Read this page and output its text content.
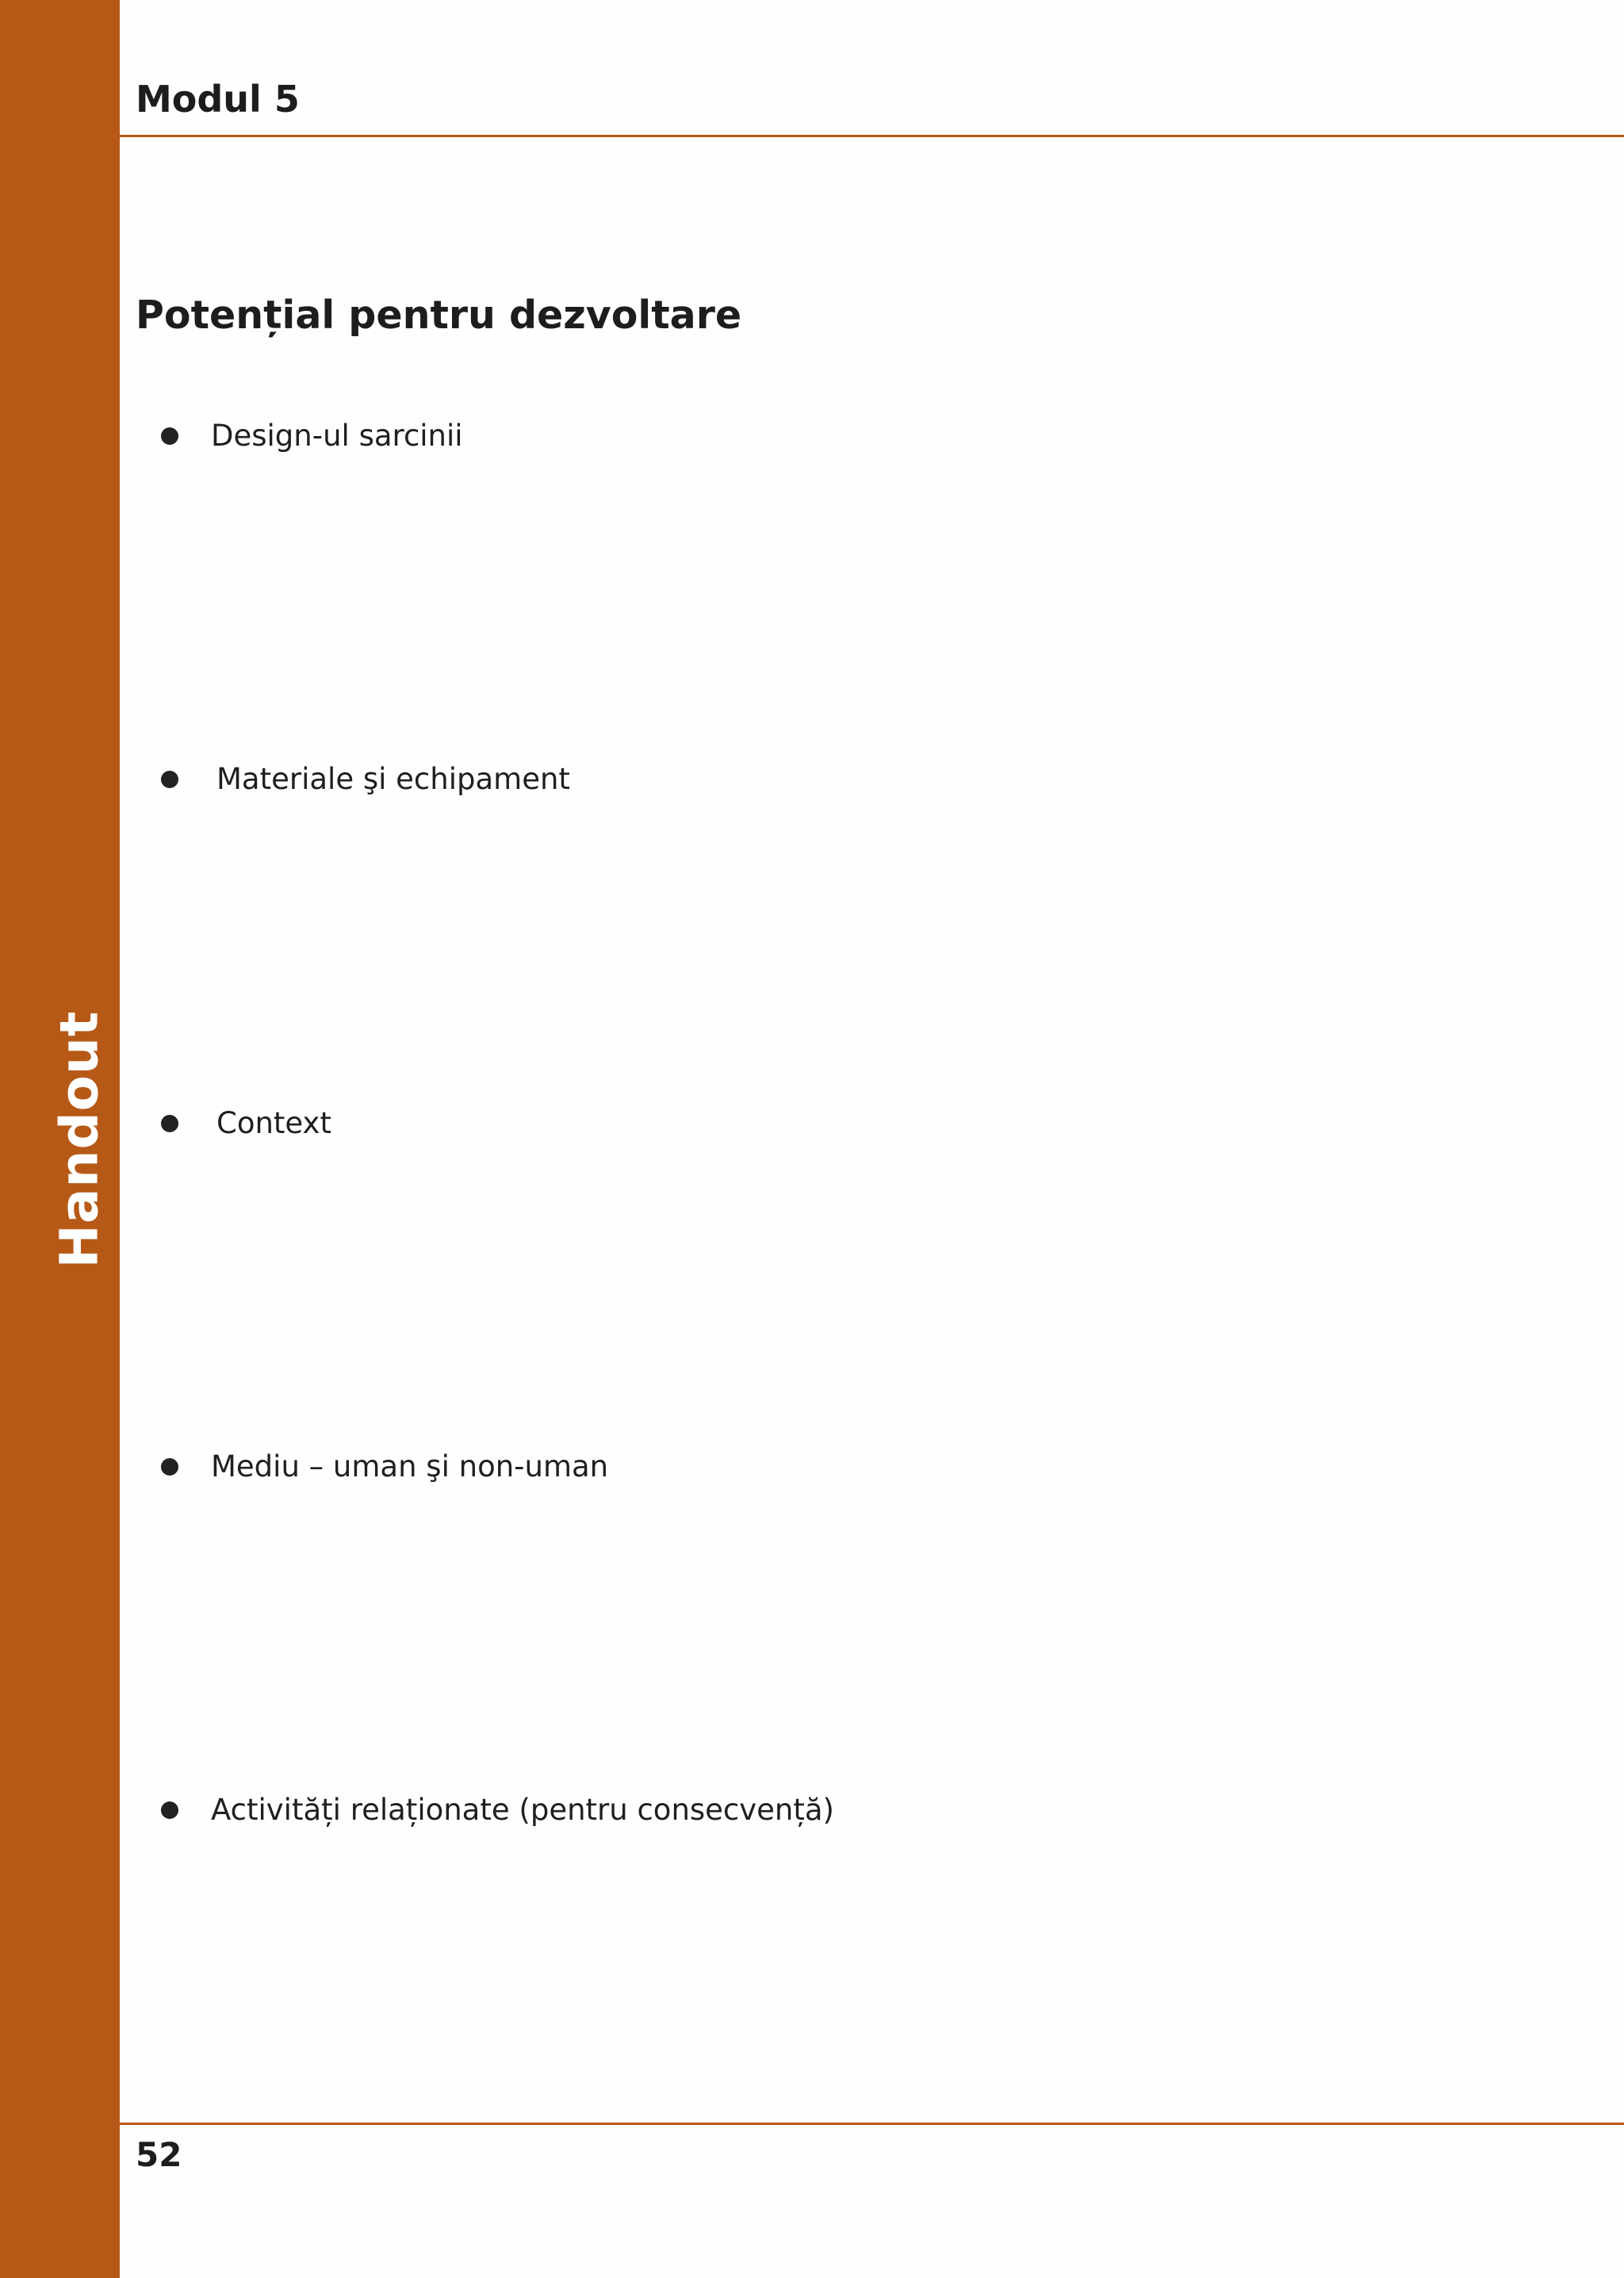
Handout
Modul 5
Potențial pentru dezvoltare
Design-ul sarcinii
Materiale şi echipament
Context
Mediu – uman şi non-uman
Activități relaționate (pentru consecvență)

52
